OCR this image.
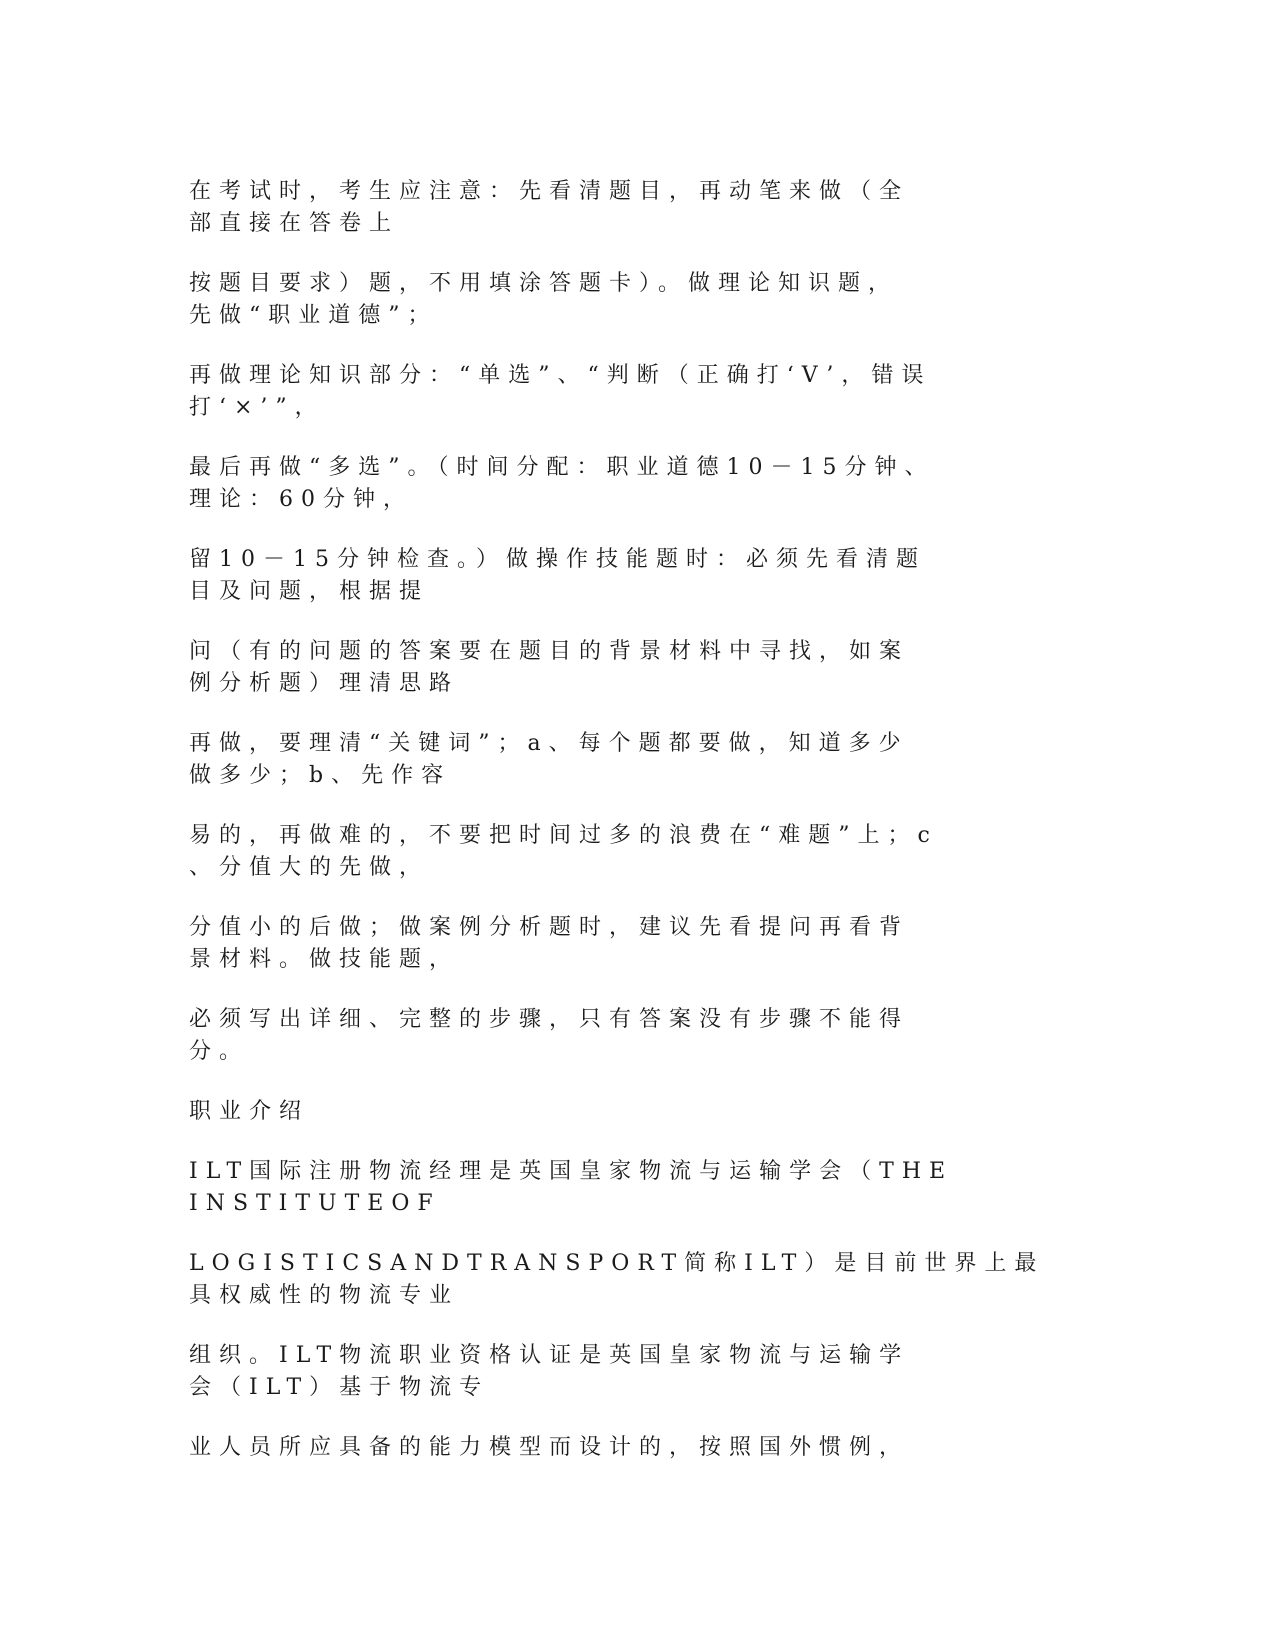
在考试时，考生应注意：先看清题目，再动笔来做（全
部直接在答卷上

按题目要求）题，不用填涂答题卡）。做理论知识题，
先做“职业道德”；

再做理论知识部分：“单选”、“判断（正确打‘V’，错误
打‘×’”，

最后再做“多选”。（时间分配：职业道德10－15分钟、
理论：60分钟，

留10－15分钟检查。）做操作技能题时：必须先看清题
目及问题，根据提

问（有的问题的答案要在题目的背景材料中寻找，如案
例分析题）理清思路

再做，要理清“关键词”；a、每个题都要做，知道多少
做多少；b、先作容

易的，再做难的，不要把时间过多的浪费在“难题”上；c
、分值大的先做，

分值小的后做；做案例分析题时，建议先看提问再看背
景材料。做技能题，

必须写出详细、完整的步骤，只有答案没有步骤不能得
分。

职业介绍

ILT国际注册物流经理是英国皇家物流与运输学会（THE
INSTITUTEOF

LOGISTICSANDTRANSPORT简称ILT）是目前世界上最
具权威性的物流专业

组织。ILT物流职业资格认证是英国皇家物流与运输学
会（ILT）基于物流专

业人员所应具备的能力模型而设计的，按照国外惯例，
